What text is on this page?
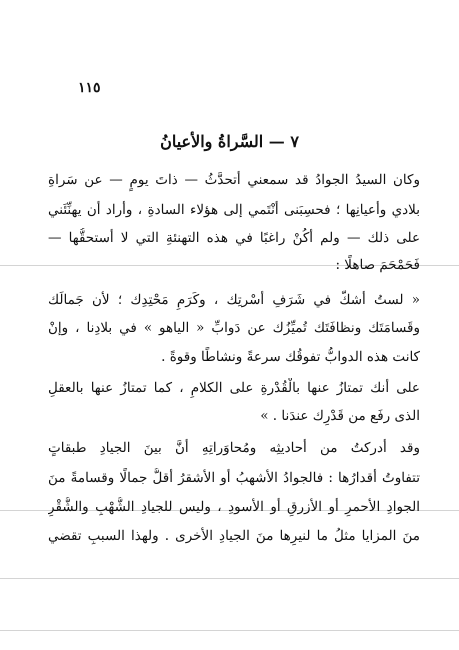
١١٥
٧ — السَّراةُ والأعيانُ
وكان السيدُ الجوادُ قد سمعني أتحدَّثُ — ذاتَ يومٍ — عن سَراةِ
بلادي وأعيانِها ؛ فحسِبَنى أنْتَمي إلى هؤلاء السادةِ ، وأراد أن يهنِّئَني
على ذلك — ولم أكُنْ راغبًا في هذه التهنئةِ التي لا أستحقُّها —
فَحَمْحَمَ صاهلًا :
« لستُ أشكُّ في شَرَفِ أُسْرتِك ، وكَرَمِ مَحْتِدِك ؛ لأن جَمالَك
وقَسامَتَك ونظافَتَك تُميِّزُك عن دَوابِّ « الياهو » في بلادِنا ، وإنْ
كانت هذه الدوابُّ تفوقُك سرعةً ونشاطًا وقوةً .
على أنك تمتازُ عنها بالْقُدْرةِ على الكلامِ ، كما تمتازُ عنها بالعقلِ
الذى رفَع من قَدْرِك عندَنا . »
وقد أدركتُ من أحاديثِه ومُحاوَراتِهِ أنَّ بينَ الجيادِ طبقاتٍ
تتفاوتُ أقدارُها : فالجوادُ الأشهبُ أو الأشقرُ أقلُّ جمالًا وقسامةً منَ
الجوادِ الأحمرِ أو الأزرقِ أو الأسودِ ، وليس للجيادِ الشُّهْبِ والشُّقْرِ
منَ المزايا مثلُ ما لنيرِها منَ الجيادِ الأخرى . ولهذا السببِ تقضي
